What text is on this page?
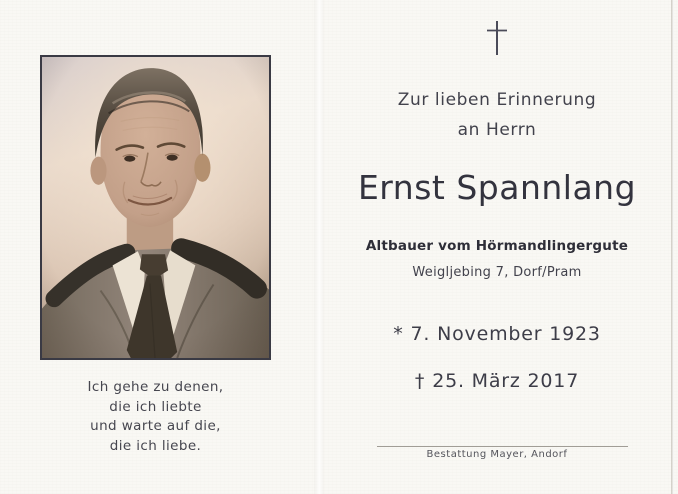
Ich gehe zu denen,
die ich liebte
und warte auf die,
die ich liebe.
Zur lieben Erinnerung
an Herrn
Ernst Spannlang
Altbauer vom Hörmandlingergute
Weigljebing 7, Dorf/Pram
* 7. November 1923
† 25. März 2017
Bestattung Mayer, Andorf
